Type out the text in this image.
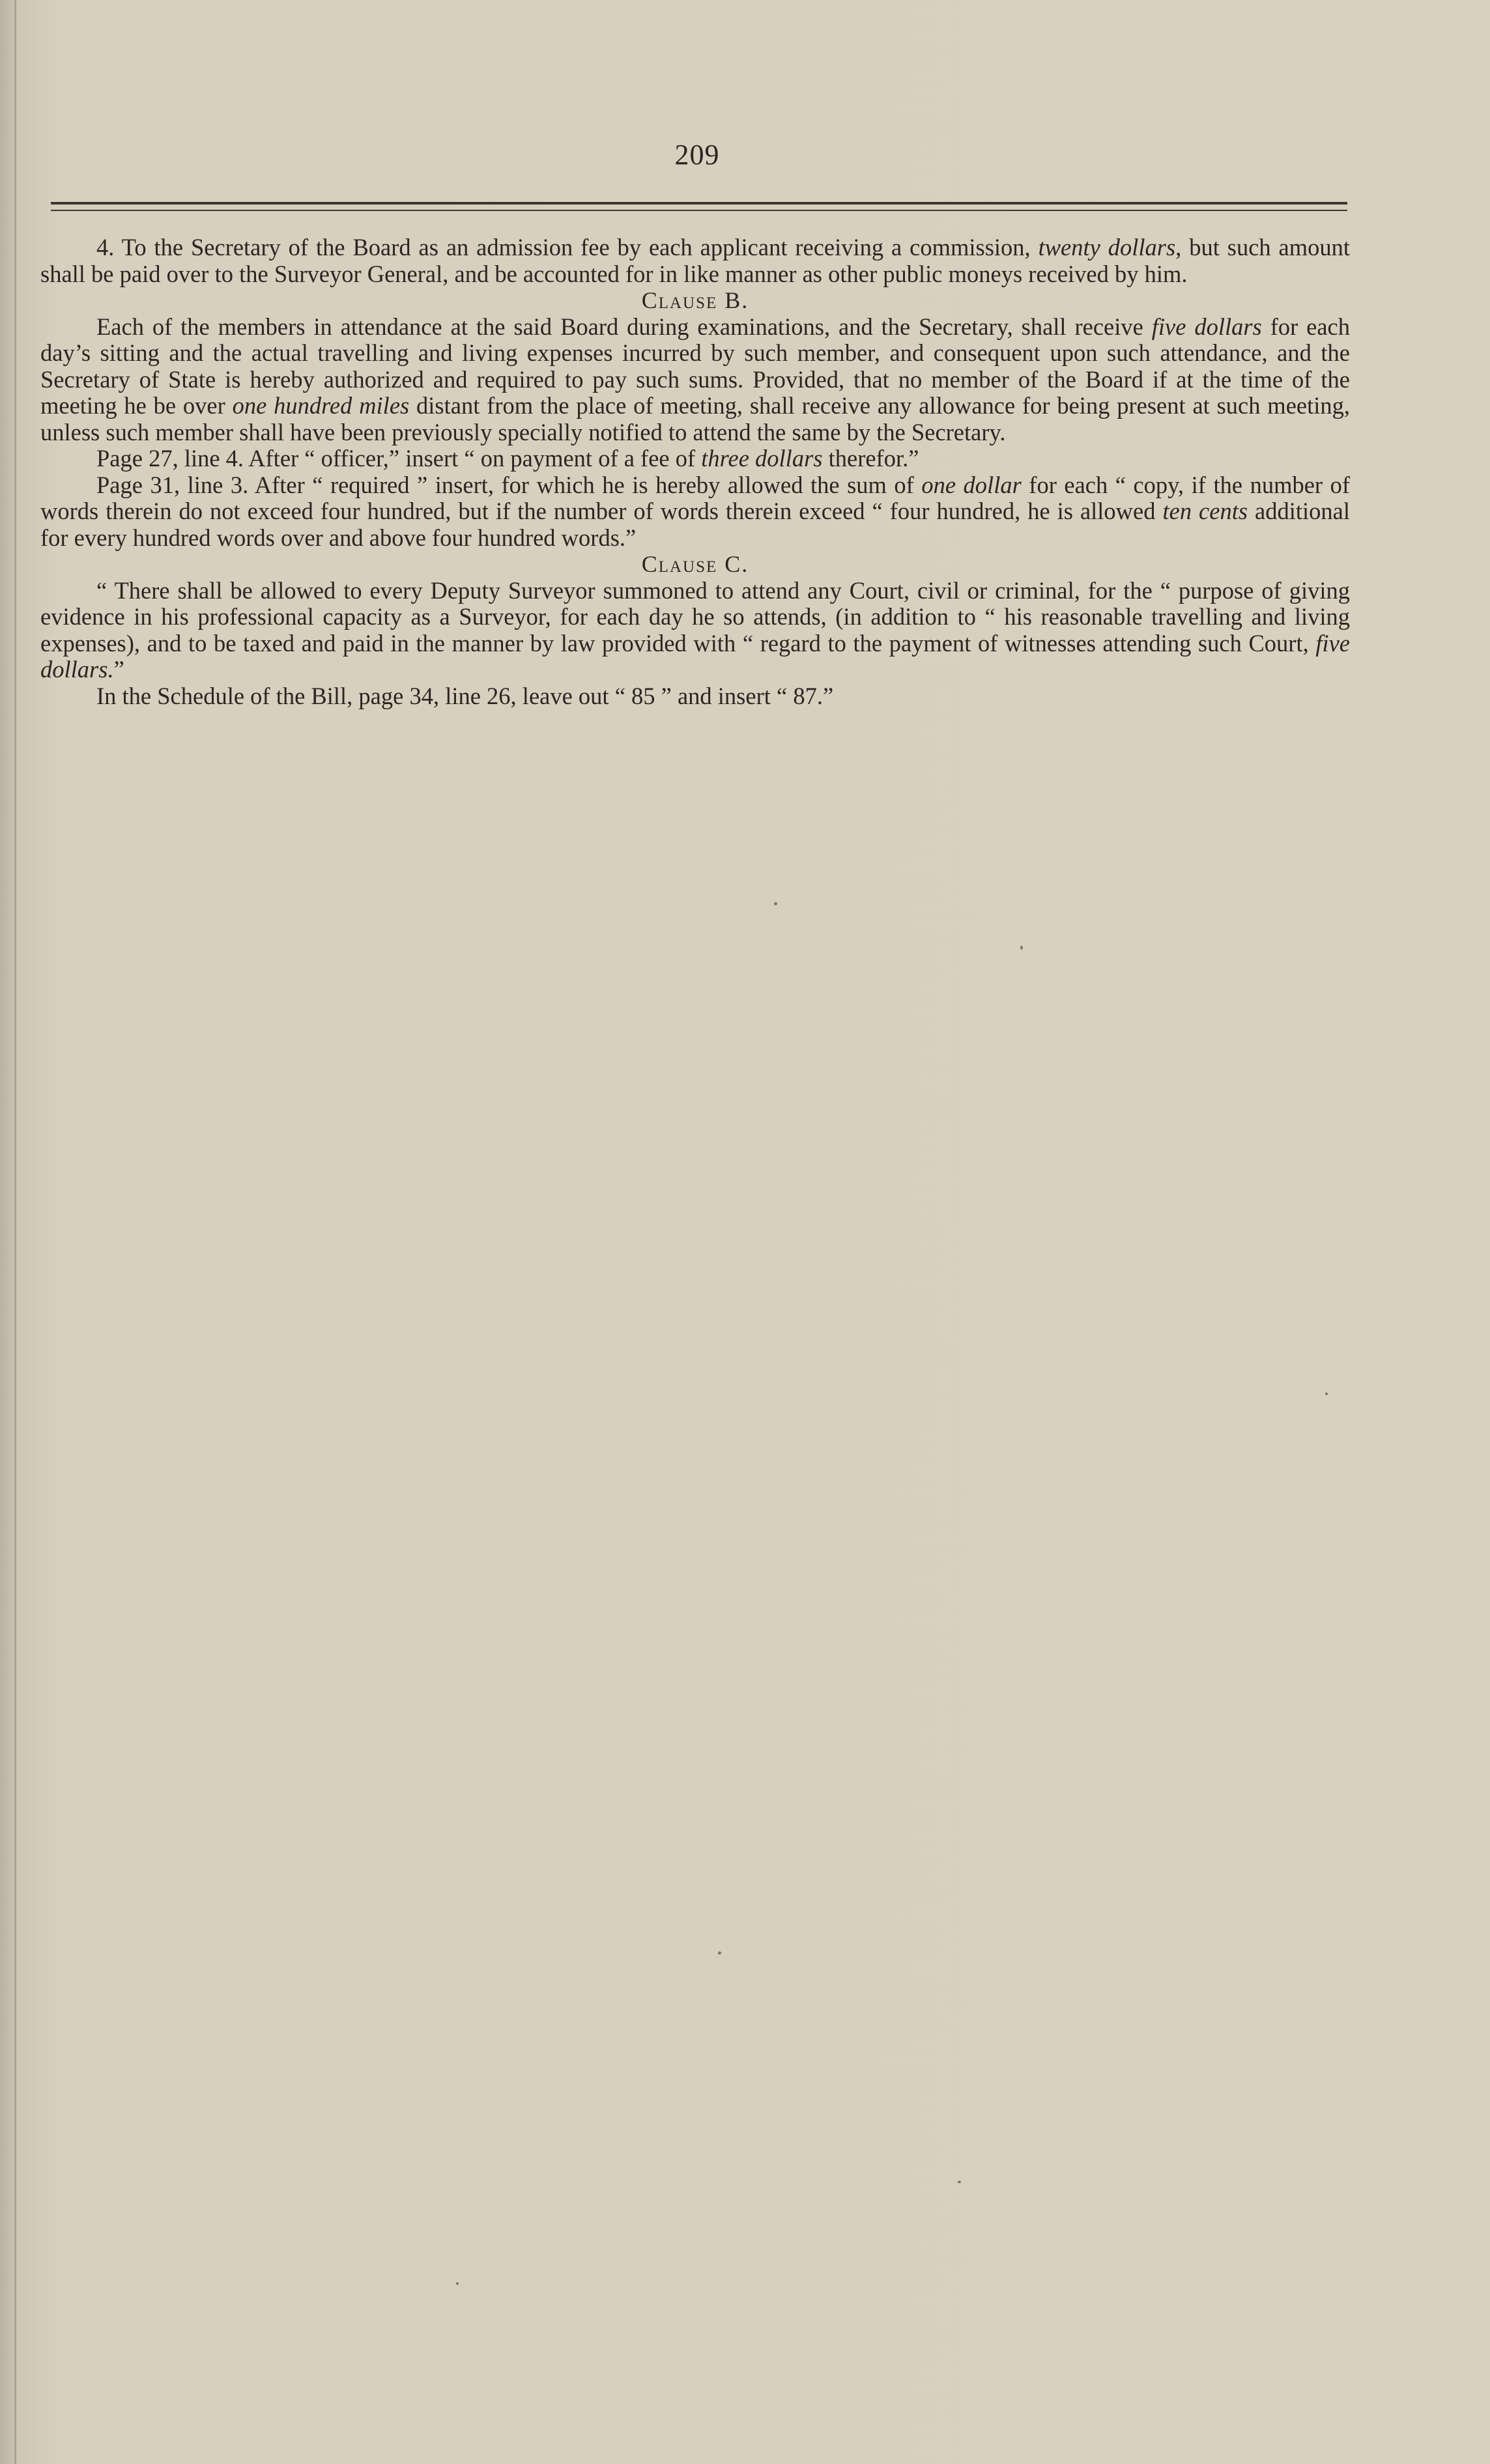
209

4. To the Secretary of the Board as an admission fee by each applicant receiving a commission, twenty dollars, but such amount shall be paid over to the Surveyor General, and be accounted for in like manner as other public moneys received by him.

Clause B.

Each of the members in attendance at the said Board during examinations, and the Secretary, shall receive five dollars for each day’s sitting and the actual travelling and living expenses incurred by such member, and consequent upon such attendance, and the Secretary of State is hereby authorized and required to pay such sums. Provided, that no member of the Board if at the time of the meeting he be over one hundred miles distant from the place of meeting, shall receive any allowance for being present at such meeting, unless such member shall have been previously specially notified to attend the same by the Secretary.

Page 27, line 4. After “ officer,” insert “ on payment of a fee of three dollars therefor.”

Page 31, line 3. After “ required ” insert, for which he is hereby allowed the sum of one dollar for each “ copy, if the number of words therein do not exceed four hundred, but if the number of words therein exceed “ four hundred, he is allowed ten cents additional for every hundred words over and above four hundred words.”

Clause C.

“ There shall be allowed to every Deputy Surveyor summoned to attend any Court, civil or criminal, for the “ purpose of giving evidence in his professional capacity as a Surveyor, for each day he so attends, (in addition to “ his reasonable travelling and living expenses), and to be taxed and paid in the manner by law provided with “ regard to the payment of witnesses attending such Court, five dollars.”

In the Schedule of the Bill, page 34, line 26, leave out “ 85 ” and insert “ 87.”
